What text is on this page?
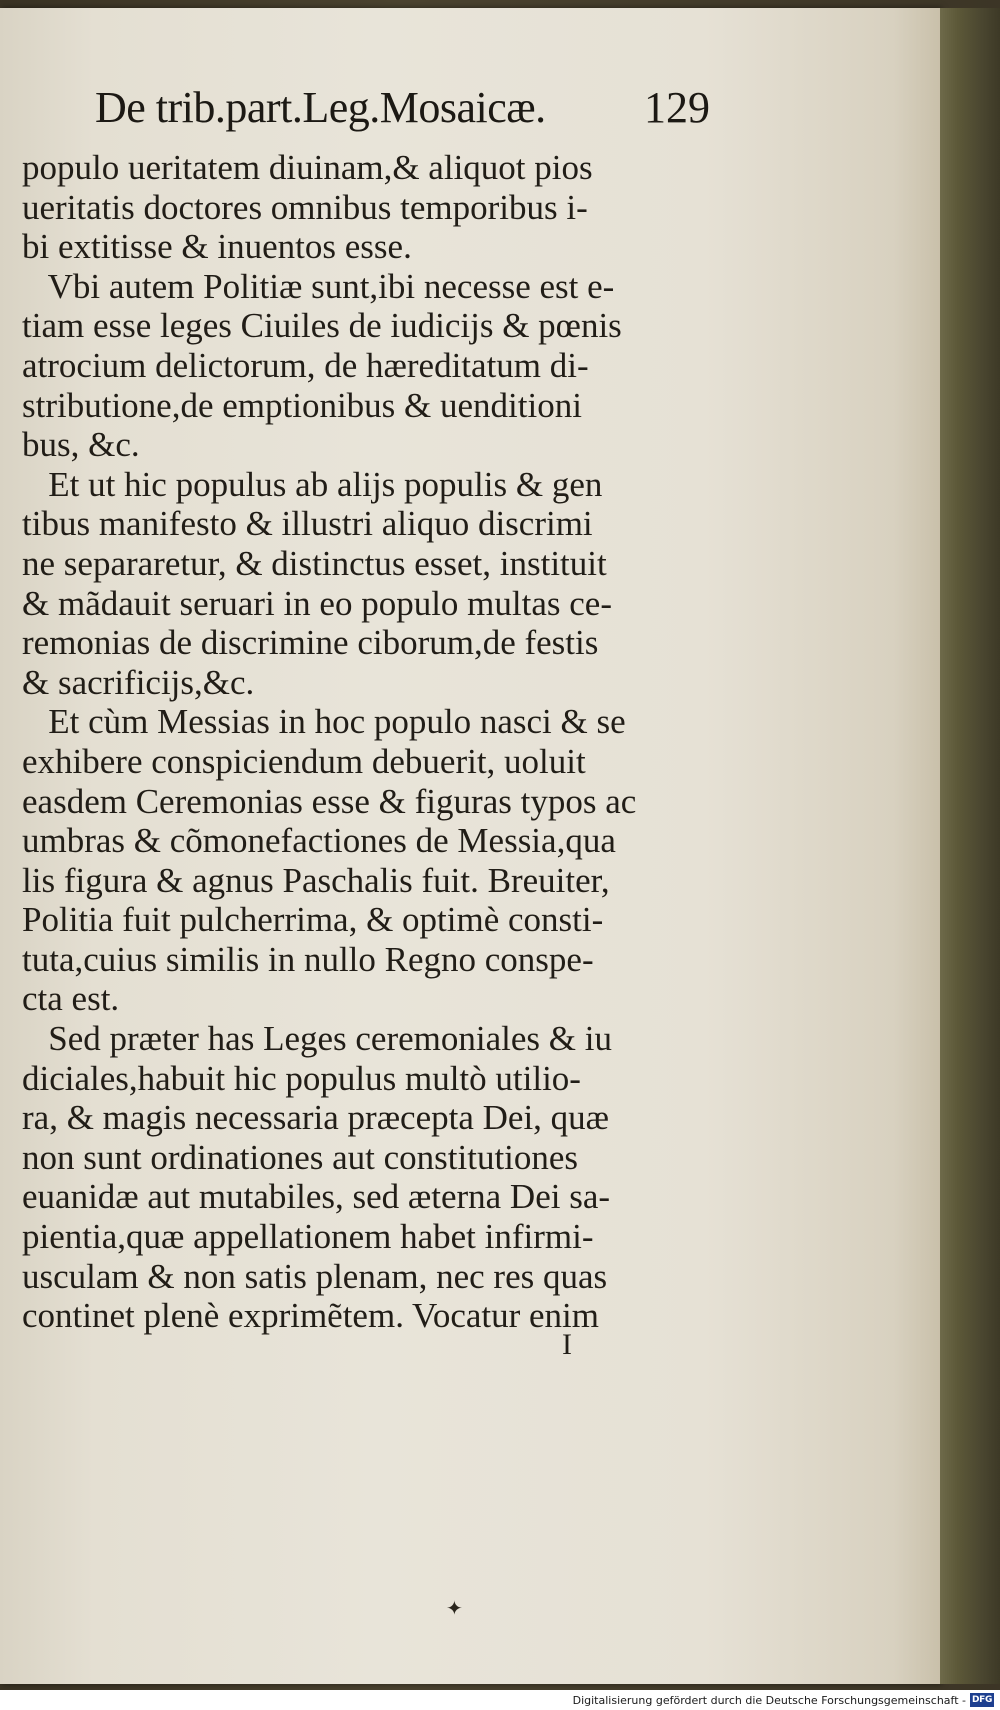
De trib.part.Leg.Mosaicæ. 129
populo ueritatem diuinam,& aliquot pios
ueritatis doctores omnibus temporibus i-
bi extitisse & inuentos esse.
Vbi autem Politiæ sunt,ibi necesse est e-
tiam esse leges Ciuiles de iudicijs & pœnis
atrocium delictorum, de hæreditatum di-
stributione,de emptionibus & uenditioni
bus, &c.
Et ut hic populus ab alijs populis & gen
tibus manifesto & illustri aliquo discrimi
ne separaretur, & distinctus esset, instituit
& mãdauit seruari in eo populo multas ce-
remonias de discrimine ciborum,de festis
& sacrificijs,&c.
Et cùm Messias in hoc populo nasci & se
exhibere conspiciendum debuerit, uoluit
easdem Ceremonias esse & figuras typos ac
umbras & cõmonefactiones de Messia,qua
lis figura & agnus Paschalis fuit. Breuiter,
Politia fuit pulcherrima, & optimè consti-
tuta,cuius similis in nullo Regno conspe-
cta est.
Sed præter has Leges ceremoniales & iu
diciales,habuit hic populus multò utilio-
ra, & magis necessaria præcepta Dei, quæ
non sunt ordinationes aut constitutiones
euanidæ aut mutabiles, sed æterna Dei sa-
pientia,quæ appellationem habet infirmi-
usculam & non satis plenam, nec res quas
continet plenè exprimẽtem. Vocatur enim
I
✦
Digitalisierung gefördert durch die Deutsche Forschungsgemeinschaft - DFG
